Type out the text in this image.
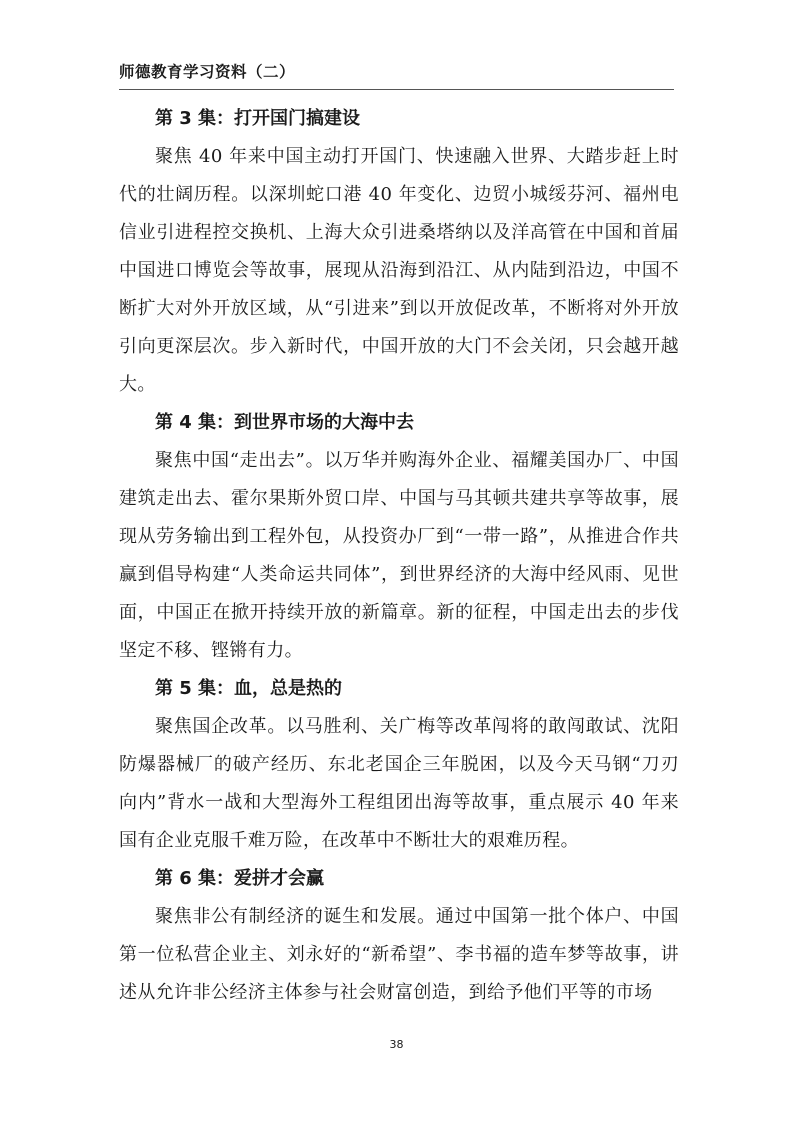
师德教育学习资料（二）
第 3 集：打开国门搞建设

聚焦 40 年来中国主动打开国门、快速融入世界、大踏步赶上时代的壮阔历程。以深圳蛇口港 40 年变化、边贸小城绥芬河、福州电信业引进程控交换机、上海大众引进桑塔纳以及洋高管在中国和首届中国进口博览会等故事，展现从沿海到沿江、从内陆到沿边，中国不断扩大对外开放区域，从“引进来”到以开放促改革，不断将对外开放引向更深层次。步入新时代，中国开放的大门不会关闭，只会越开越大。

第 4 集：到世界市场的大海中去

聚焦中国“走出去”。以万华并购海外企业、福耀美国办厂、中国建筑走出去、霍尔果斯外贸口岸、中国与马其顿共建共享等故事，展现从劳务输出到工程外包，从投资办厂到“一带一路”，从推进合作共赢到倡导构建“人类命运共同体”，到世界经济的大海中经风雨、见世面，中国正在掀开持续开放的新篇章。新的征程，中国走出去的步伐坚定不移、铿锵有力。

第 5 集：血，总是热的

聚焦国企改革。以马胜利、关广梅等改革闯将的敢闯敢试、沈阳防爆器械厂的破产经历、东北老国企三年脱困，以及今天马钢“刀刃向内”背水一战和大型海外工程组团出海等故事，重点展示 40 年来国有企业克服千难万险，在改革中不断壮大的艰难历程。

第 6 集：爱拼才会赢

聚焦非公有制经济的诞生和发展。通过中国第一批个体户、中国第一位私营企业主、刘永好的“新希望”、李书福的造车梦等故事，讲述从允许非公经济主体参与社会财富创造，到给予他们平等的市场

38
